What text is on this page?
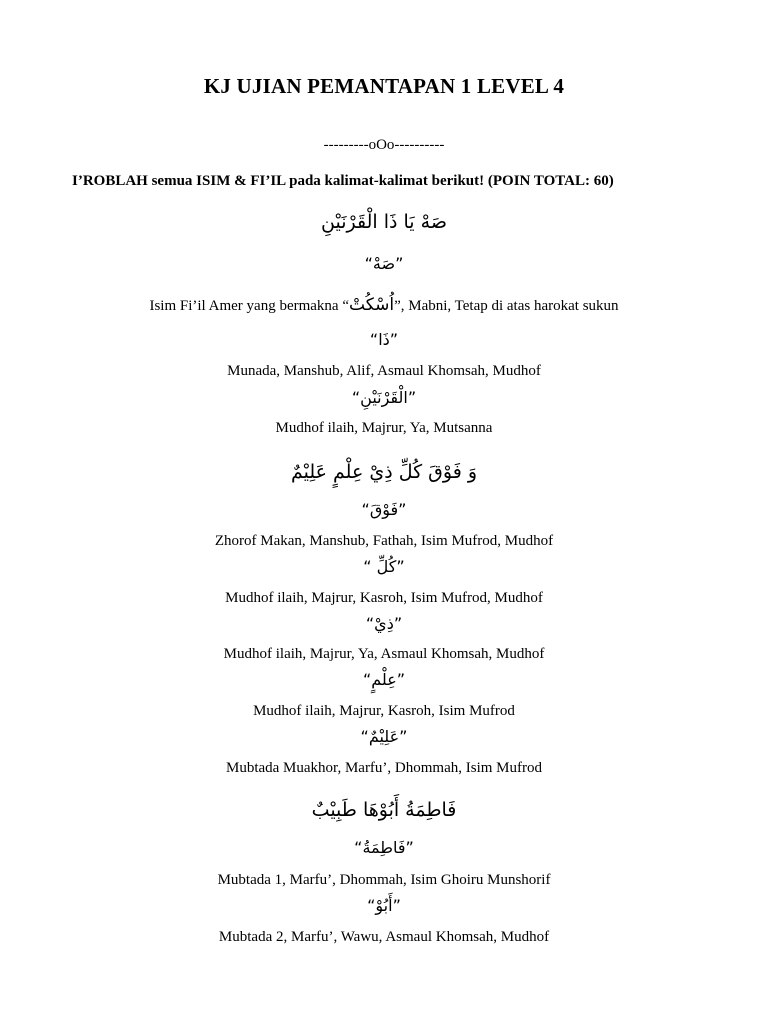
KJ UJIAN PEMANTAPAN 1 LEVEL 4
---------oOo----------
I’ROBLAH semua ISIM & FI’IL pada kalimat-kalimat berikut! (POIN TOTAL: 60)
صَهْ يَا ذَا الْقَرْنَيْنِ
“صَهْ”
Isim Fi’il Amer yang bermakna “اُسْكُتْ”, Mabni, Tetap di atas harokat sukun
“ذَا”
Munada, Manshub, Alif, Asmaul Khomsah, Mudhof
“الْقَرْنَيْنِ”
Mudhof ilaih, Majrur, Ya, Mutsanna
وَ فَوْقَ كُلِّ ذِيْ عِلْمٍ عَلِيْمٌ
“فَوْقَ”
Zhorof Makan, Manshub, Fathah, Isim Mufrod, Mudhof
“ كُلِّ”
Mudhof ilaih, Majrur, Kasroh, Isim Mufrod, Mudhof
“ذِيْ”
Mudhof ilaih, Majrur, Ya, Asmaul Khomsah, Mudhof
“عِلْمٍ”
Mudhof ilaih, Majrur, Kasroh, Isim Mufrod
“عَلِيْمٌ”
Mubtada Muakhor, Marfu’, Dhommah, Isim Mufrod
فَاطِمَةُ أَبُوْهَا طَبِيْبٌ
“فَاطِمَةُ”
Mubtada 1, Marfu’, Dhommah, Isim Ghoiru Munshorif
“أَبُوْ”
Mubtada 2, Marfu’, Wawu, Asmaul Khomsah, Mudhof
